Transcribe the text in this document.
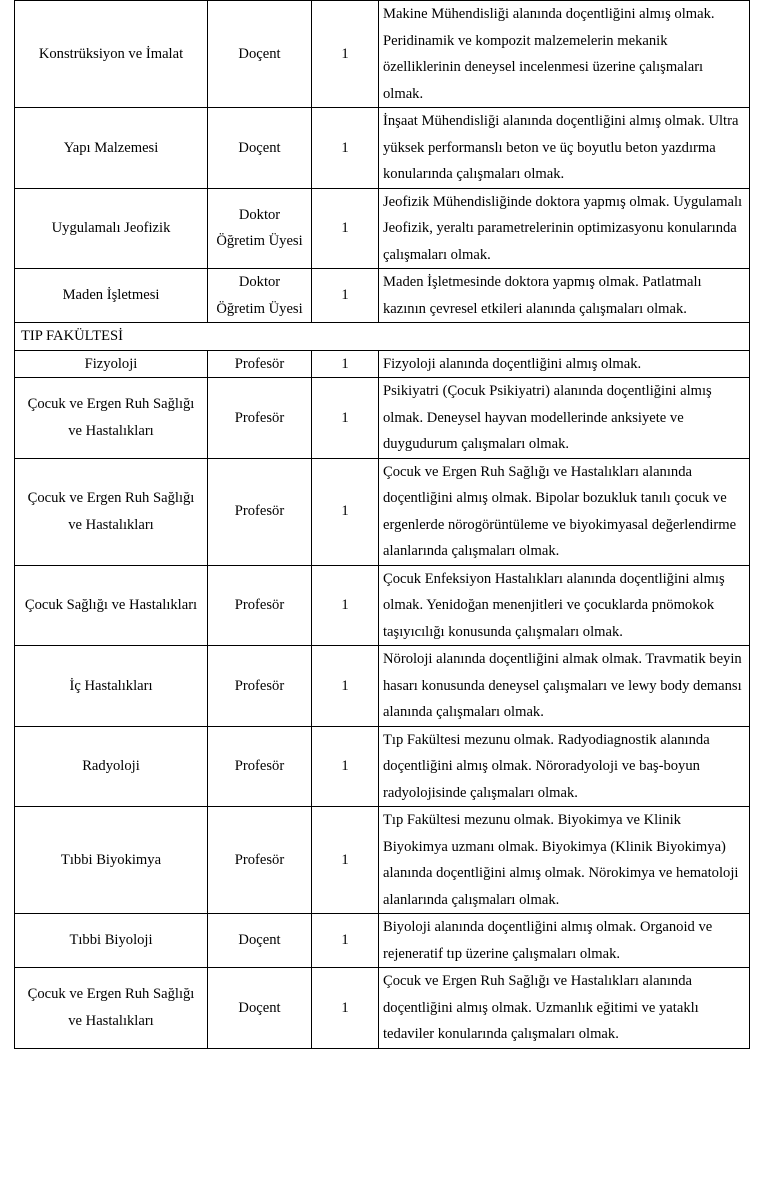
Konstrüksiyon ve İmalat	Doçent	1	Makine Mühendisliği alanında doçentliğini almış olmak. Peridinamik ve kompozit malzemelerin mekanik özelliklerinin deneysel incelenmesi üzerine çalışmaları olmak.
Yapı Malzemesi	Doçent	1	İnşaat Mühendisliği alanında doçentliğini almış olmak. Ultra yüksek performanslı beton ve üç boyutlu beton yazdırma konularında çalışmaları olmak.
Uygulamalı Jeofizik	Doktor Öğretim Üyesi	1	Jeofizik Mühendisliğinde doktora yapmış olmak. Uygulamalı Jeofizik, yeraltı parametrelerinin optimizasyonu konularında çalışmaları olmak.
Maden İşletmesi	Doktor Öğretim Üyesi	1	Maden İşletmesinde doktora yapmış olmak. Patlatmalı kazının çevresel etkileri alanında çalışmaları olmak.
TIP FAKÜLTESİ			
Fizyoloji	Profesör	1	Fizyoloji alanında doçentliğini almış olmak.
Çocuk ve Ergen Ruh Sağlığı ve Hastalıkları	Profesör	1	Psikiyatri (Çocuk Psikiyatri) alanında doçentliğini almış olmak. Deneysel hayvan modellerinde anksiyete ve duygudurum çalışmaları olmak.
Çocuk ve Ergen Ruh Sağlığı ve Hastalıkları	Profesör	1	Çocuk ve Ergen Ruh Sağlığı ve Hastalıkları alanında doçentliğini almış olmak. Bipolar bozukluk tanılı çocuk ve ergenlerde nörogörüntüleme ve biyokimyasal değerlendirme alanlarında çalışmaları olmak.
Çocuk Sağlığı ve Hastalıkları	Profesör	1	Çocuk Enfeksiyon Hastalıkları alanında doçentliğini almış olmak. Yenidoğan menenjitleri ve çocuklarda pnömokok taşıyıcılığı konusunda çalışmaları olmak.
İç Hastalıkları	Profesör	1	Nöroloji alanında doçentliğini almak olmak. Travmatik beyin hasarı konusunda deneysel çalışmaları ve lewy body demansı alanında çalışmaları olmak.
Radyoloji	Profesör	1	Tıp Fakültesi mezunu olmak. Radyodiagnostik alanında doçentliğini almış olmak. Nöroradyoloji ve baş-boyun radyolojisinde çalışmaları olmak.
Tıbbi Biyokimya	Profesör	1	Tıp Fakültesi mezunu olmak. Biyokimya ve Klinik Biyokimya uzmanı olmak. Biyokimya (Klinik Biyokimya) alanında doçentliğini almış olmak. Nörokimya ve hematoloji alanlarında çalışmaları olmak.
Tıbbi Biyoloji	Doçent	1	Biyoloji alanında doçentliğini almış olmak. Organoid ve rejeneratif tıp üzerine çalışmaları olmak.
Çocuk ve Ergen Ruh Sağlığı ve Hastalıkları	Doçent	1	Çocuk ve Ergen Ruh Sağlığı ve Hastalıkları alanında doçentliğini almış olmak. Uzmanlık eğitimi ve yataklı tedaviler konularında çalışmaları olmak.
